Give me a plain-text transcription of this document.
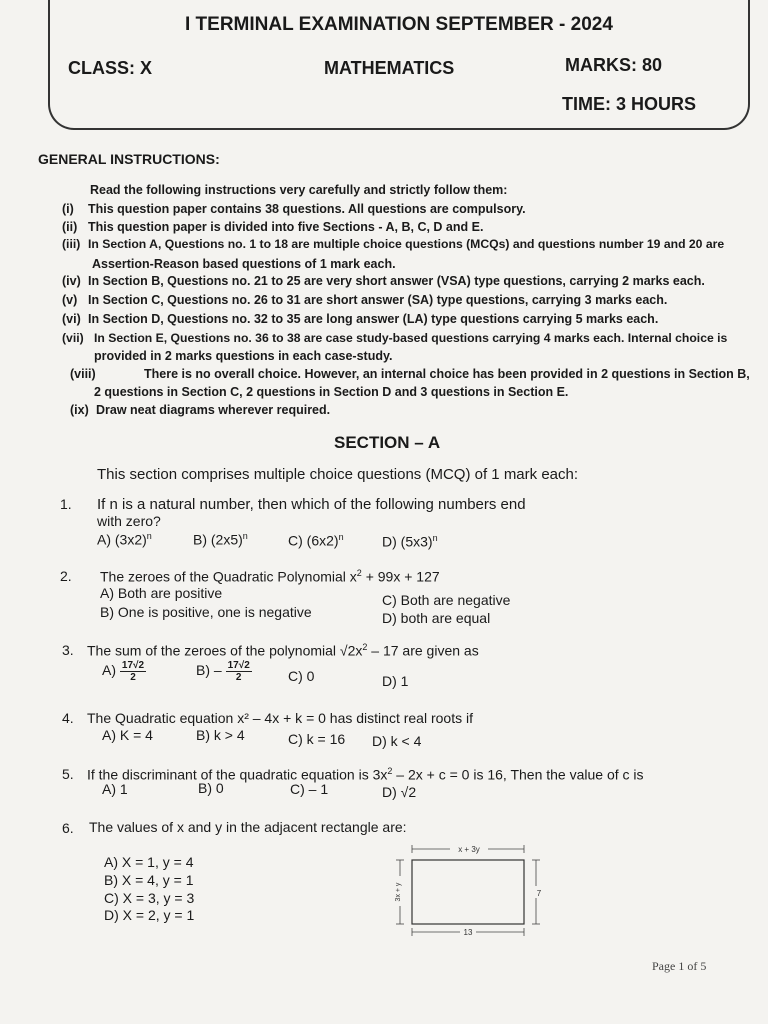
I TERMINAL EXAMINATION SEPTEMBER - 2024
CLASS: X	MATHEMATICS	MARKS: 80
TIME: 3 HOURS
GENERAL INSTRUCTIONS:
Read the following instructions very carefully and strictly follow them:
(i) This question paper contains 38 questions. All questions are compulsory.
(ii) This question paper is divided into five Sections - A, B, C, D and E.
(iii) In Section A, Questions no. 1 to 18 are multiple choice questions (MCQs) and questions number 19 and 20 are
Assertion-Reason based questions of 1 mark each.
(iv) In Section B, Questions no. 21 to 25 are very short answer (VSA) type questions, carrying 2 marks each.
(v) In Section C, Questions no. 26 to 31 are short answer (SA) type questions, carrying 3 marks each.
(vi) In Section D, Questions no. 32 to 35 are long answer (LA) type questions carrying 5 marks each.
(vii) In Section E, Questions no. 36 to 38 are case study-based questions carrying 4 marks each. Internal choice is
provided in 2 marks questions in each case-study.
(viii)	There is no overall choice. However, an internal choice has been provided in 2 questions in Section B,
2 questions in Section C, 2 questions in Section D and 3 questions in Section E.
(ix) Draw neat diagrams wherever required.
SECTION – A
This section comprises multiple choice questions (MCQ) of 1 mark each:
1. If n is a natural number, then which of the following numbers end
with zero?
A) $(3x2)^n$	B) $(2x5)^n$	C) $(6x2)^n$	D) $(5x3)^n$
2. The zeroes of the Quadratic Polynomial $x^2 + 99x + 127$
A) Both are positive
B) One is positive, one is negative
C) Both are negative
D) both are equal
3. The sum of the zeroes of the polynomial $√2x^2 - 17$ are given as
$A) \frac{17√2}{2}$	$B) - \frac{17√2}{2}$	C) 0	D) 1
4. The Quadratic equation x² – 4x + k = 0 has distinct real roots if
A) K = 4	B) k > 4	C) k = 16 D) k < 4
5. If the discriminant of the quadratic equation is $3x^2 - 2x + c = 0$ is 16, Then the value of c is
A) 1	B) 0	C) – 1	D) √2
6. The values of x and y in the adjacent rectangle are:
A) X = 1, y = 4
B) X = 4, y = 1
C) X = 3, y = 3
D) X = 2, y = 1
x + 3y
3x + y	7
13
Page 1 of 5
